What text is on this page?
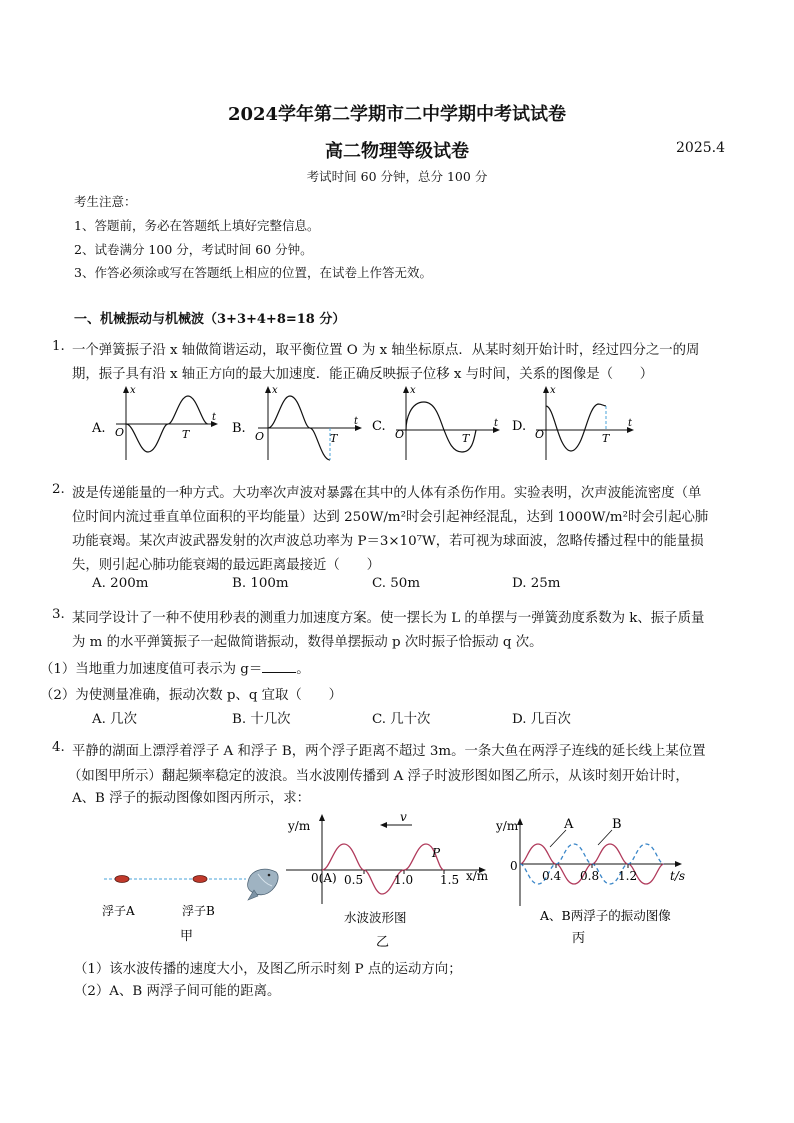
2024学年第二学期市二中学期中考试试卷
高二物理等级试卷	2025.4
考试时间 60 分钟，总分 100 分
考生注意：
1、答题前，务必在答题纸上填好完整信息。
2、试卷满分 100 分，考试时间 60 分钟。
3、作答必须涂或写在答题纸上相应的位置，在试卷上作答无效。
一、机械振动与机械波（3+3+4+8=18 分）
1. 一个弹簧振子沿 x 轴做简谐运动，取平衡位置 O 为 x 轴坐标原点．从某时刻开始计时，经过四分之一的周
期，振子具有沿 x 轴正方向的最大加速度．能正确反映振子位移 x 与时间，关系的图像是（　　）
A.
x
t
O	T	B.
x
t
O	T
C.
x
t
O	T
D.
x
t
O	T
2. 波是传递能量的一种方式。大功率次声波对暴露在其中的人体有杀伤作用。实验表明，次声波能流密度（单
位时间内流过垂直单位面积的平均能量）达到 250W/m²时会引起神经混乱，达到 1000W/m²时会引起心肺
功能衰竭。某次声波武器发射的次声波总功率为 P＝3×10⁷W，若可视为球面波，忽略传播过程中的能量损
失，则引起心肺功能衰竭的最远距离最接近（　　）
A. 200m	B. 100m	C. 50m	D. 25m
3. 某同学设计了一种不使用秒表的测重力加速度方案。使一摆长为 L 的单摆与一弹簧劲度系数为 k、振子质量
为 m 的水平弹簧振子一起做简谐振动，数得单摆振动 p 次时振子恰振动 q 次。
（1）当地重力加速度值可表示为 g＝	。
（2）为使测量准确，振动次数 p、q 宜取（　　）
A. 几次	B. 十几次	C. 几十次	D. 几百次
4. 平静的湖面上漂浮着浮子 A 和浮子 B，两个浮子距离不超过 3m。一条大鱼在两浮子连线的延长线上某位置
（如图甲所示）翻起频率稳定的波浪。当水波刚传播到 A 浮子时波形图如图乙所示，从该时刻开始计时，
A、B 浮子的振动图像如图丙所示，求：
浮子A	浮子B
甲
v
P
y/m
x/m
0(A) 0.5	1.0 1.5
水波波形图
乙
A	B
y/m
t/s
0
0.4 0.8 1.2
A、B两浮子的振动图像
丙
（1）该水波传播的速度大小，及图乙所示时刻 P 点的运动方向；
（2）A、B 两浮子间可能的距离。
